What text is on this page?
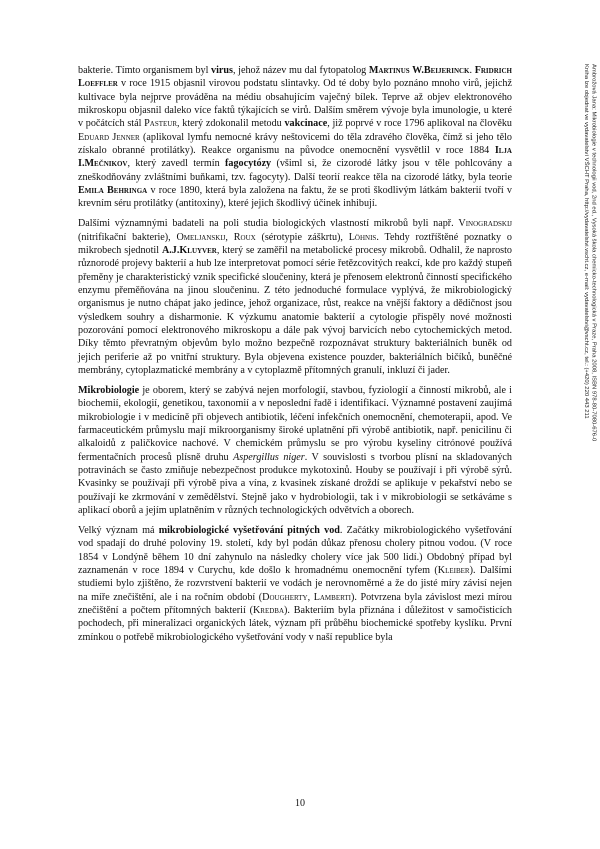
Ambrožová Jana: Mikrobiologie v technologii vod, 2nd ed., Vysoká škola chemicko-technologická v Praze, Praha 2008, ISBN 978-80-7080-676-0
Kniha lze objednat ve vydavatelství VŠCHT Praha, http://vydavatelstvi.vscht.cz, e-mail: vydavatelstvi@vscht.cz, tel.: (+420) 220 443 211

bakterie. Tímto organismem byl virus, jehož název mu dal fytopatolog Martinus W.Beijerinck. Fridrich Loeffler v roce 1915 objasnil virovou podstatu slintavky. Od té doby bylo poznáno mnoho virů, jejichž kultivace byla nejprve prováděna na médiu obsahujícím vaječný bílek. Teprve až objev elektronového mikroskopu objasnil daleko více faktů týkajících se virů. Dalším směrem vývoje byla imunologie, u které v počátcích stál Pasteur, který zdokonalil metodu vakcinace, již poprvé v roce 1796 aplikoval na člověku Eduard Jenner (aplikoval lymfu nemocné krávy neštovicemi do těla zdravého člověka, čímž si jeho tělo získalo obranné protilátky). Reakce organismu na původce onemocnění vysvětlil v roce 1884 Ilja I.Mečnikov, který zavedl termín fagocytózy (všiml si, že cizorodé látky jsou v těle pohlcovány a zneškodňovány zvláštními buňkami, tzv. fagocyty). Další teorií reakce těla na cizorodé látky, byla teorie Emila Behringa v roce 1890, která byla založena na faktu, že se proti škodlivým látkám bakterií tvoří v krevním séru protilátky (antitoxiny), které jejich škodlivý účinek inhibují.

Dalšími významnými badateli na poli studia biologických vlastností mikrobů byli např. Vinogradskij (nitrifikační bakterie), Omeljanskij, Roux (sérotypie záškrtu), Löhnis. Tehdy roztříštěné poznatky o mikrobech sjednotil A.J.Kluyver, který se zaměřil na metabolické procesy mikrobů. Odhalil, že naprosto různorodé projevy bakterií a hub lze interpretovat pomocí série řetězcovitých reakcí, kde pro každý stupeň přeměny je charakteristický vznik specifické sloučeniny, která je přenosem elektronů činností specifického enzymu přeměňována na jinou sloučeninu. Z této jednoduché formulace vyplývá, že mikrobiologický organismus je nutno chápat jako jedince, jehož organizace, růst, reakce na vnější faktory a dědičnost jsou výsledkem souhry a disharmonie. K výzkumu anatomie bakterií a cytologie přispěly nové možnosti pozorování pomocí elektronového mikroskopu a dále pak vývoj barvicích nebo cytochemických metod. Díky těmto převratným objevům bylo možno bezpečně rozpoznávat struktury bakteriálních buněk od jejich periferie až po vnitřní struktury. Byla objevena existence pouzder, bakteriálních bičíků, buněčné membrány, cytoplazmatické membrány a v cytoplazmě přítomných granulí, inkluzí či jader.

Mikrobiologie je oborem, který se zabývá nejen morfologií, stavbou, fyziologií a činností mikrobů, ale i biochemií, ekologií, genetikou, taxonomií a v neposlední řadě i identifikací. Významné postavení zaujímá mikrobiologie i v medicíně při objevech antibiotik, léčení infekčních onemocnění, chemoterapii, apod. Ve farmaceutickém průmyslu mají mikroorganismy široké uplatnění při výrobě antibiotik, např. penicilinu či alkaloidů z paličkovice nachové. V chemickém průmyslu se pro výrobu kyseliny citrónové používá fermentačních procesů plísně druhu Aspergillus niger. V souvislosti s tvorbou plísní na skladovaných potravinách se často zmiňuje nebezpečnost produkce mykotoxinů. Houby se používají i při výrobě sýrů. Kvasinky se používají při výrobě piva a vína, z kvasinek získané droždí se aplikuje v pekařství nebo se používají ke zkrmování v zemědělství. Stejně jako v hydrobiologii, tak i v mikrobiologii se setkáváme s aplikací oborů a jejím uplatněním v různých technologických odvětvích a oborech.

Velký význam má mikrobiologické vyšetřování pitných vod. Začátky mikrobiologického vyšetřování vod spadají do druhé poloviny 19. století, kdy byl podán důkaz přenosu cholery pitnou vodou. (V roce 1854 v Londýně během 10 dní zahynulo na následky cholery více jak 500 lidí.) Obdobný případ byl zaznamenán v roce 1894 v Curychu, kde došlo k hromadnému onemocnění tyfem (Kleiber). Dalšími studiemi bylo zjištěno, že rozvrstvení bakterií ve vodách je nerovnoměrné a že do jisté míry závisí nejen na míře znečištění, ale i na ročním období (Dougherty, Lamberti). Potvrzena byla závislost mezi mírou znečištění a počtem přítomných bakterií (Kredba). Bakteriím byla přiznána i důležitost v samočisticích pochodech, při mineralizaci organických látek, význam při průběhu biochemické spotřeby kyslíku. První zmínkou o potřebě mikrobiologického vyšetřování vody v naší republice byla

10
